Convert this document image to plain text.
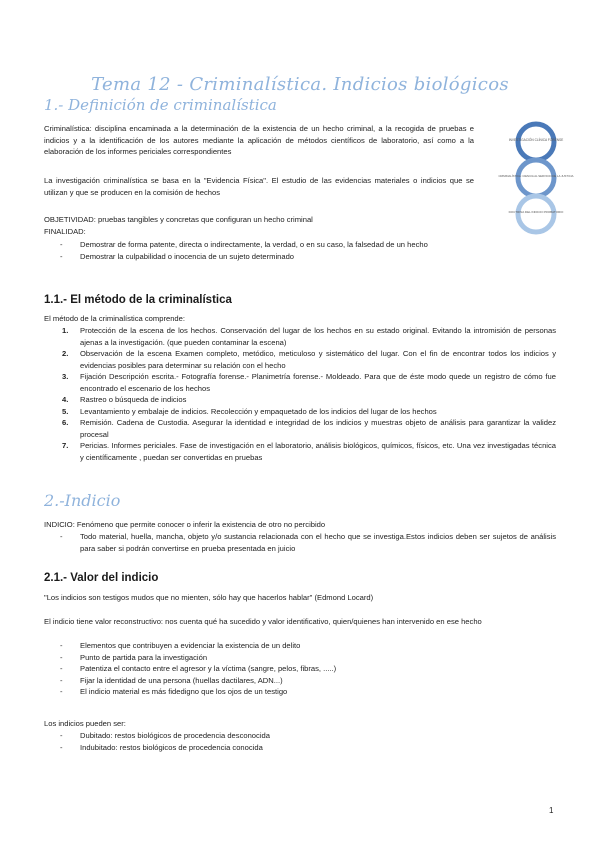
Tema 12 - Criminalística. Indicios biológicos
1.- Definición de criminalística
Criminalística: disciplina encaminada a la determinación de la existencia de un hecho criminal, a la recogida de pruebas e indicios y a la identificación de los autores mediante la aplicación de métodos científicos de laboratorio, así como a la elaboración de los informes periciales correspondientes
La investigación criminalística se basa en la "Evidencia Física". El estudio de las evidencias materiales o indicios que se utilizan y que se producen en la comisión de hechos
OBJETIVIDAD: pruebas tangibles y concretas que configuran un hecho criminal
FINALIDAD:
- Demostrar de forma patente, directa o indirectamente, la verdad, o en su caso, la falsedad de un hecho
- Demostrar la culpabilidad o inocencia de un sujeto determinado
INVESTIGACIÓN CLÍNICA FORENSE
CRIMINALÍSTICA: CIENCIA AL SERVICIO DE LA JUSTICIA
DOCTRINA DEL INDICIO PROBATORIO
1.1.- El método de la criminalística
El método de la criminalística comprende:
1. Protección de la escena de los hechos. Conservación del lugar de los hechos en su estado original. Evitando la intromisión de personas ajenas a la investigación. (que pueden contaminar la escena)
2. Observación de la escena Examen completo, metódico, meticuloso y sistemático del lugar. Con el fin de encontrar todos los indicios y evidencias posibles para determinar su relación con el hecho
3. Fijación Descripción escrita.- Fotografía forense.- Planimetría forense.- Moldeado. Para que de éste modo quede un registro de cómo fue encontrado el escenario de los hechos
4. Rastreo o búsqueda de indicios
5. Levantamiento y embalaje de indicios. Recolección y empaquetado de los indicios del lugar de los hechos
6. Remisión. Cadena de Custodia. Asegurar la identidad e integridad de los indicios y muestras objeto de análisis para garantizar la validez procesal
7. Pericias. Informes periciales. Fase de investigación en el laboratorio, análisis biológicos, químicos, físicos, etc. Una vez investigadas técnica y científicamente , puedan ser convertidas en pruebas
2.-Indicio
INDICIO: Fenómeno que permite conocer o inferir la existencia de otro no percibido
- Todo material, huella, mancha, objeto y/o sustancia relacionada con el hecho que se investiga.Estos indicios deben ser sujetos de análisis para saber si podrán convertirse en prueba presentada en juicio
2.1.- Valor del indicio
"Los indicios son testigos mudos que no mienten, sólo hay que hacerlos hablar" (Edmond Locard)
El indicio tiene valor reconstructivo: nos cuenta qué ha sucedido y valor identificativo, quien/quienes han intervenido en ese hecho
- Elementos que contribuyen a evidenciar la existencia de un delito
- Punto de partida para la investigación
- Patentiza el contacto entre el agresor y la víctima (sangre, pelos, fibras, .....)
- Fijar la identidad de una persona (huellas dactilares, ADN...)
- El indicio material es más fidedigno que los ojos de un testigo
Los indicios pueden ser:
- Dubitado: restos biológicos de procedencia desconocida
- Indubitado: restos biológicos de procedencia conocida
1
